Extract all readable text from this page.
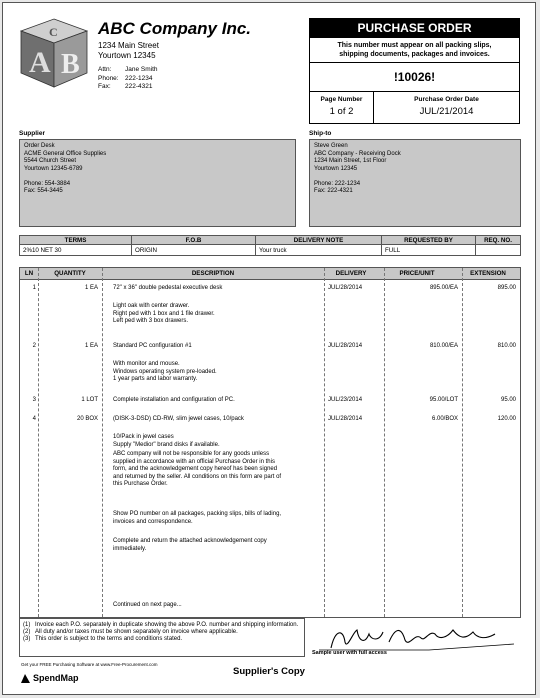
C
A B
ABC Company Inc.
1234 Main Street
Yourtown 12345
Attn: Jane Smith
Phone: 222-1234
Fax: 222-4321
PURCHASE ORDER
This number must appear on all packing slips,
shipping documents, packages and invoices.
!10026!
Page Number
1 of 2
Purchase Order Date
JUL/21/2014
Supplier
Order Desk
ACME General Office Supplies
5544 Church Street
Yourtown 12345-6789
Phone: 554-3884
Fax: 554-3445
Ship-to
Steve Green
ABC Company - Receiving Dock
1234 Main Street, 1st Floor
Yourtown 12345
Phone: 222-1234
Fax: 222-4321
TERMS	F.O.B	DELIVERY NOTE	REQUESTED BY	REQ. NO.
2%10 NET 30	ORIGIN	Your truck	FULL	
LN	QUANTITY	DESCRIPTION	DELIVERY	PRICE/UNIT	EXTENSION
1	1 EA	72" x 36" double pedestal executive desk	JUL/28/2014	895.00/EA	895.00
Light oak with center drawer.
Right ped with 1 box and 1 file drawer.
Left ped with 3 box drawers.
2	1 EA	Standard PC configuration #1	JUL/28/2014	810.00/EA	810.00
With monitor and mouse.
Windows operating system pre-loaded.
1 year parts and labor warranty.
3	1 LOT	Complete installation and configuration of PC.	JUL/23/2014	95.00/LOT	95.00
4	20 BOX	(DISK-3-DSD) CD-RW, slim jewel cases, 10/pack	JUL/28/2014	6.00/BOX	120.00
10/Pack in jewel cases
Supply "Medior" brand disks if available.
ABC company will not be responsible for any goods unless
supplied in accordance with an official Purchase Order in this
form, and the acknowledgement copy hereof has been signed
and returned by the seller. All conditions on this form are part of
this Purchase Order.
Show PO number on all packages, packing slips, bills of lading,
invoices and correspondence.
Complete and return the attached acknowledgement copy
immediately.
Continued on next page...
(1) Invoice each P.O. separately in duplicate showing the above P.O. number and shipping information.
(2) All duty and/or taxes must be shown separately on invoice where applicable.
(3) This order is subject to the terms and conditions stated.
Sample user with full access
Get your FREE Purchasing Software at www.Free-Procurement.com
SpendMap
Supplier's Copy
